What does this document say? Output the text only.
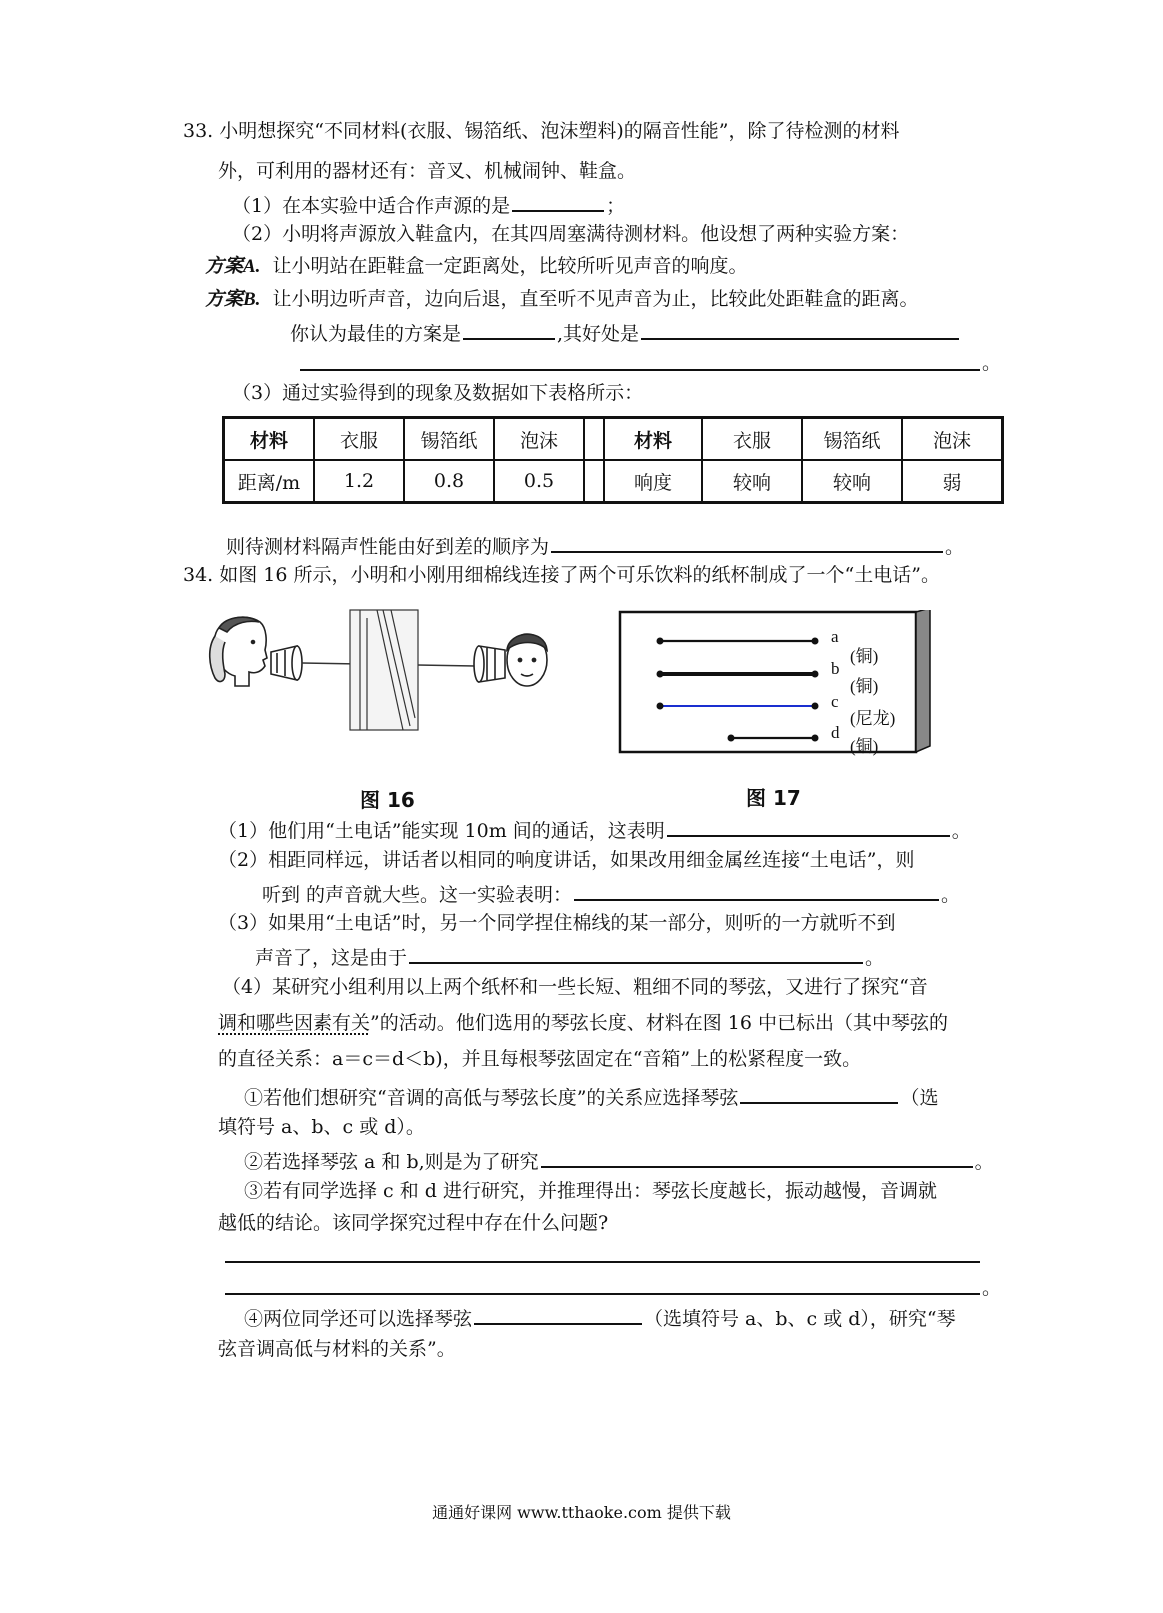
33. 小明想探究“不同材料(衣服、锡箔纸、泡沫塑料)的隔音性能”，除了待检测的材料
外，可利用的器材还有：音叉、机械闹钟、鞋盒。
（1）在本实验中适合作声源的是	；
（2）小明将声源放入鞋盒内，在其四周塞满待测材料。他设想了两种实验方案：
方案A. 让小明站在距鞋盒一定距离处，比较所听见声音的响度。
方案B. 让小明边听声音，边向后退，直至听不见声音为止，比较此处距鞋盒的距离。
你认为最佳的方案是	,其好处是
。
（3）通过实验得到的现象及数据如下表格所示：
材料	衣服	锡箔纸	泡沫		材料	衣服	锡箔纸	泡沫
距离/m	1.2	0.8	0.5		响度	较响	较响	弱
则待测材料隔声性能由好到差的顺序为	。
34. 如图 16 所示，小明和小刚用细棉线连接了两个可乐饮料的纸杯制成了一个“土电话”。
a
(铜)
b
(铜)
c
(尼龙)
d
(铜)
图 16	图 17
（1）他们用“土电话”能实现 10m 间的通话，这表明	。
（2）相距同样远，讲话者以相同的响度讲话，如果改用细金属丝连接“土电话”，则
听到 的声音就大些。这一实验表明：	。
（3）如果用“土电话”时，另一个同学捏住棉线的某一部分，则听的一方就听不到
声音了，这是由于	。
（4）某研究小组利用以上两个纸杯和一些长短、粗细不同的琴弦，又进行了探究“音
调和哪些因素有关”的活动。他们选用的琴弦长度、材料在图 16 中已标出（其中琴弦的
的直径关系：a＝c＝d＜b)，并且每根琴弦固定在“音箱”上的松紧程度一致。
①若他们想研究“音调的高低与琴弦长度”的关系应选择琴弦	（选
填符号 a、b、c 或 d）。
②若选择琴弦 a 和 b,则是为了研究	。
③若有同学选择 c 和 d 进行研究，并推理得出：琴弦长度越长，振动越慢，音调就
越低的结论。该同学探究过程中存在什么问题?
。
④两位同学还可以选择琴弦	（选填符号 a、b、c 或 d），研究“琴
弦音调高低与材料的关系”。
通通好课网 www.tthaoke.com 提供下载
